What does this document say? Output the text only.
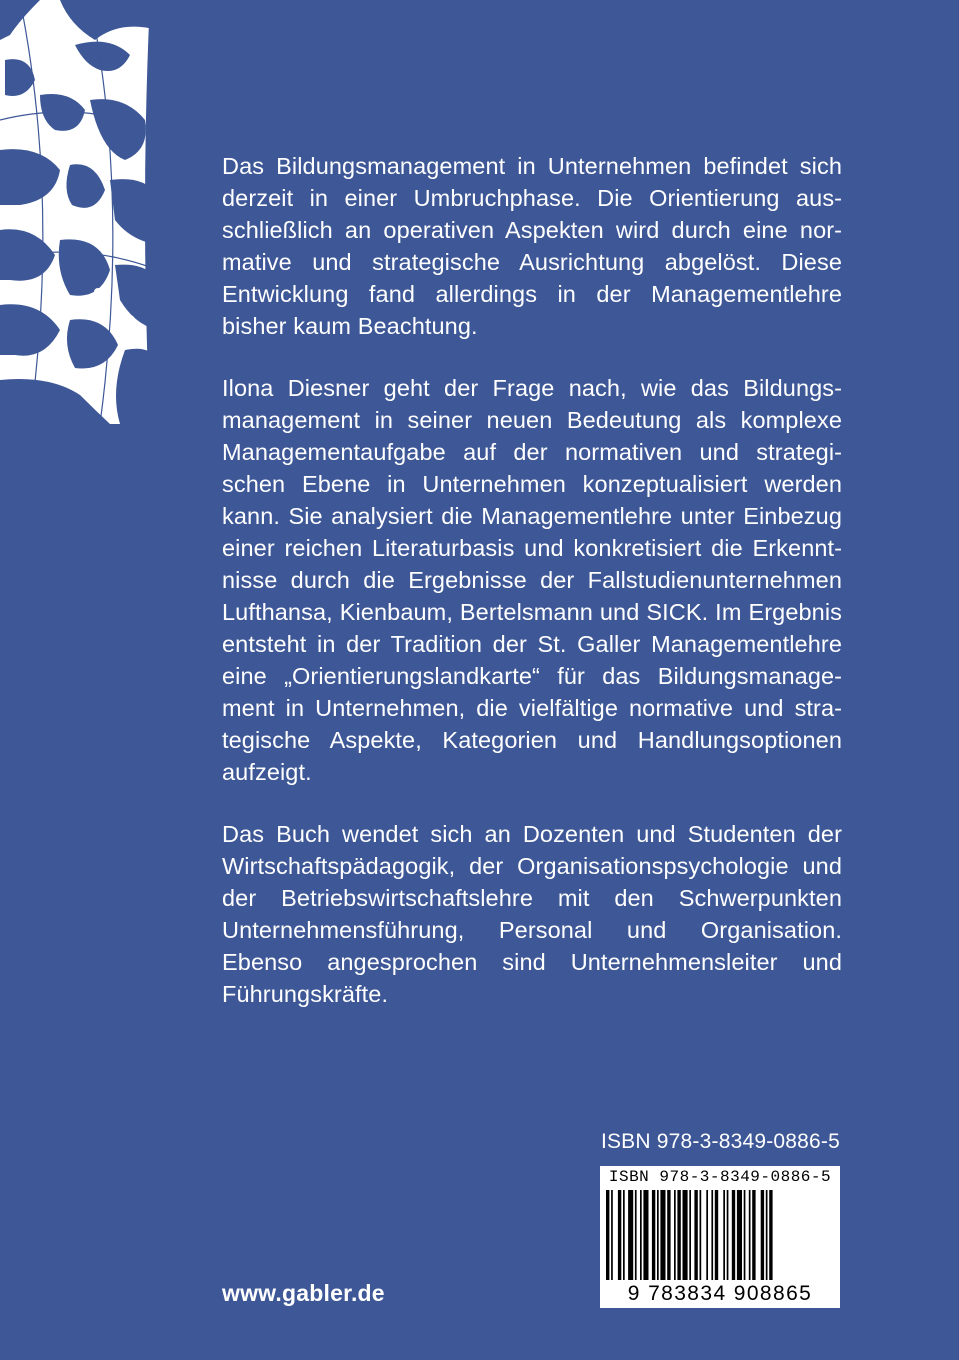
Das Bildungsmanagement in Unternehmen befindet sich derzeit in einer Umbruchphase. Die Orientierung ausschließlich an operativen Aspekten wird durch eine normative und strategische Ausrichtung abgelöst. Diese Entwicklung fand allerdings in der Managementlehre bisher kaum Beachtung.

Ilona Diesner geht der Frage nach, wie das Bildungsmanagement in seiner neuen Bedeutung als komplexe Managementaufgabe auf der normativen und strategischen Ebene in Unternehmen konzeptualisiert werden kann. Sie analysiert die Managementlehre unter Einbezug einer reichen Literaturbasis und konkretisiert die Erkenntnisse durch die Ergebnisse der Fallstudienunternehmen Lufthansa, Kienbaum, Bertelsmann und SICK. Im Ergebnis entsteht in der Tradition der St. Galler Managementlehre eine „Orientierungslandkarte“ für das Bildungsmanagement in Unternehmen, die vielfältige normative und strategische Aspekte, Kategorien und Handlungsoptionen aufzeigt.

Das Buch wendet sich an Dozenten und Studenten der Wirtschaftspädagogik, der Organisationspsychologie und der Betriebswirtschaftslehre mit den Schwerpunkten Unternehmensführung, Personal und Organisation. Ebenso angesprochen sind Unternehmensleiter und Führungskräfte.

ISBN 978-3-8349-0886-5
ISBN 978-3-8349-0886-5
9 783834 908865
www.gabler.de
